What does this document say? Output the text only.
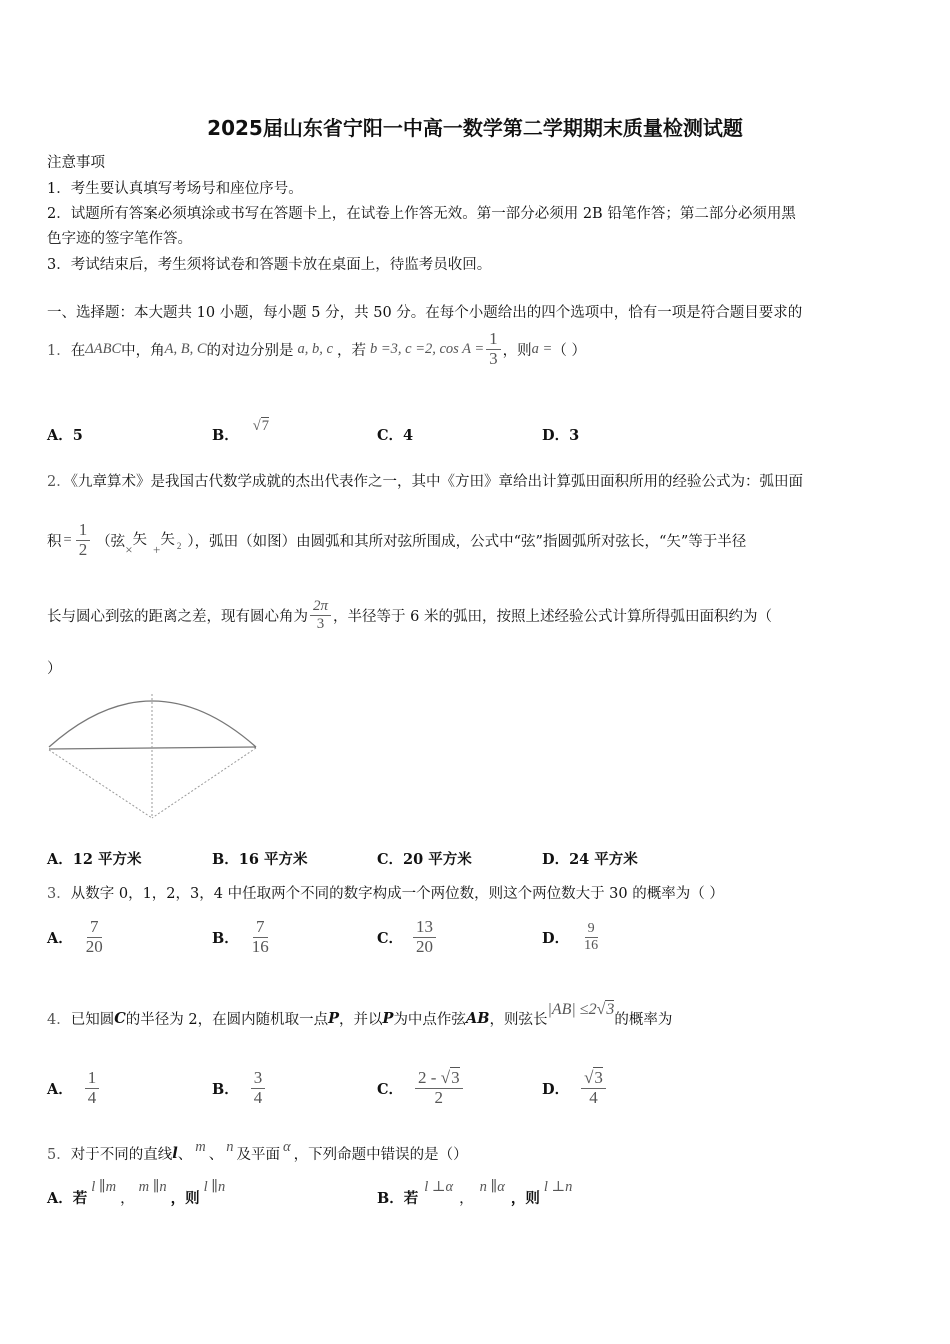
2025届山东省宁阳一中高一数学第二学期期末质量检测试题
注意事项
1．考生要认真填写考场号和座位序号。
2．试题所有答案必须填涂或书写在答题卡上，在试卷上作答无效。第一部分必须用 2B 铅笔作答；第二部分必须用黑
色字迹的签字笔作答。
3．考试结束后，考生须将试卷和答题卡放在桌面上，待监考员收回。
一、选择题：本大题共 10 小题，每小题 5 分，共 50 分。在每个小题给出的四个选项中，恰有一项是符合题目要求的
1． 在 ΔABC 中，角 A, B, C 的对边分别是 a, b, c ，若 b =3, c =2, $\cos A = \frac{1}{3}$ ，则 a = （ ）
A．5	B．
√7
C．4	D．3
2．《九章算术》是我国古代数学成就的杰出代表作之一，其中《方田》章给出计算弧田面积所用的经验公式为：弧田面
积 = $\frac{1}{2}$ （弦 ×
矢
+
矢 2 ），弧田（如图）由圆弧和其所对弦所围成，公式中“弦”指圆弧所对弦长，“矢”等于半径
长与圆心到弦的距离之差，现有圆心角为 $\frac{2\pi}{3}$ ，半径等于 6 米的弧田，按照上述经验公式计算所得弧田面积约为（
）
A．12 平方米	B．16 平方米	C．20 平方米	D．24 平方米
3．从数字 0，1，2，3，4 中任取两个不同的数字构成一个两位数，则这个两位数大于 30 的概率为（ ）
A． $\frac{7}{20}$	B． $\frac{7}{16}$	C． $\frac{13}{20}$	D． $\frac{9}{16}$
4． 已知圆 C 的半径为 2，在圆内随机取一点 P ，并以 P 为中点作弦 AB ，则弦长
|AB| ≤2√3
的概率为
A． $\frac{1}{4}$	B． $\frac{3}{4}$	C． $\frac{2 - √3}{2}$	D． $\frac{√3}{4}$
5． 对于不同的直线 l 、 m 、 n 及平面 α ，下列命题中错误的是（）
A． 若
l ∥m
，
m ∥n
，则
l ∥n
B． 若
l ⊥α
，
n ∥α
，则
l ⊥n
